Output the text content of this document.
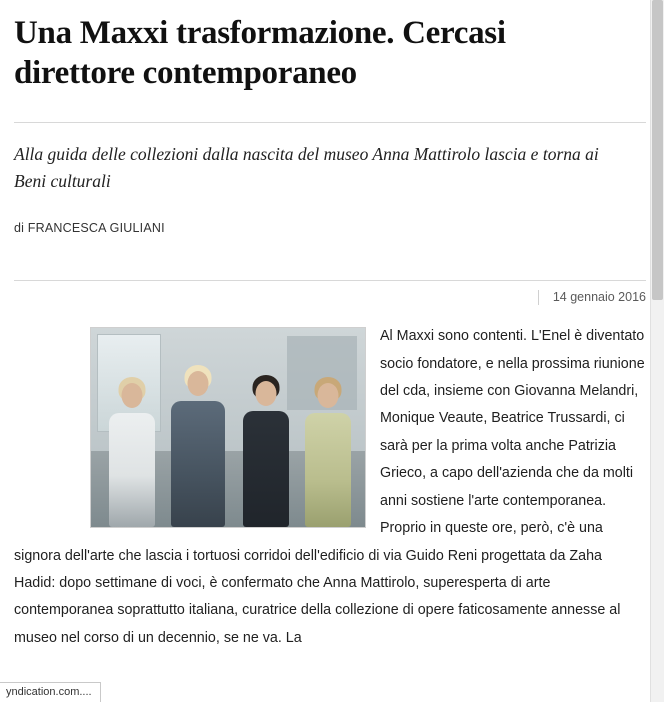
Una Maxxi trasformazione. Cercasi direttore contemporaneo

Alla guida delle collezioni dalla nascita del museo Anna Mattirolo lascia e torna ai Beni culturali

di FRANCESCA GIULIANI

14 gennaio 2016

Al Maxxi sono contenti. L'Enel è diventato socio fondatore, e nella prossima riunione del cda, insieme con Giovanna Melandri, Monique Veaute, Beatrice Trussardi, ci sarà per la prima volta anche Patrizia Grieco, a capo dell'azienda che da molti anni sostiene l'arte contemporanea. Proprio in queste ore, però, c'è una signora dell'arte che lascia i tortuosi corridoi dell'edificio di via Guido Reni progettata da Zaha Hadid: dopo settimane di voci, è confermato che Anna Mattirolo, superesperta di arte contemporanea soprattutto italiana, curatrice della collezione di opere faticosamente annesse al museo nel corso di un decennio, se ne va. La

yndication.com....
